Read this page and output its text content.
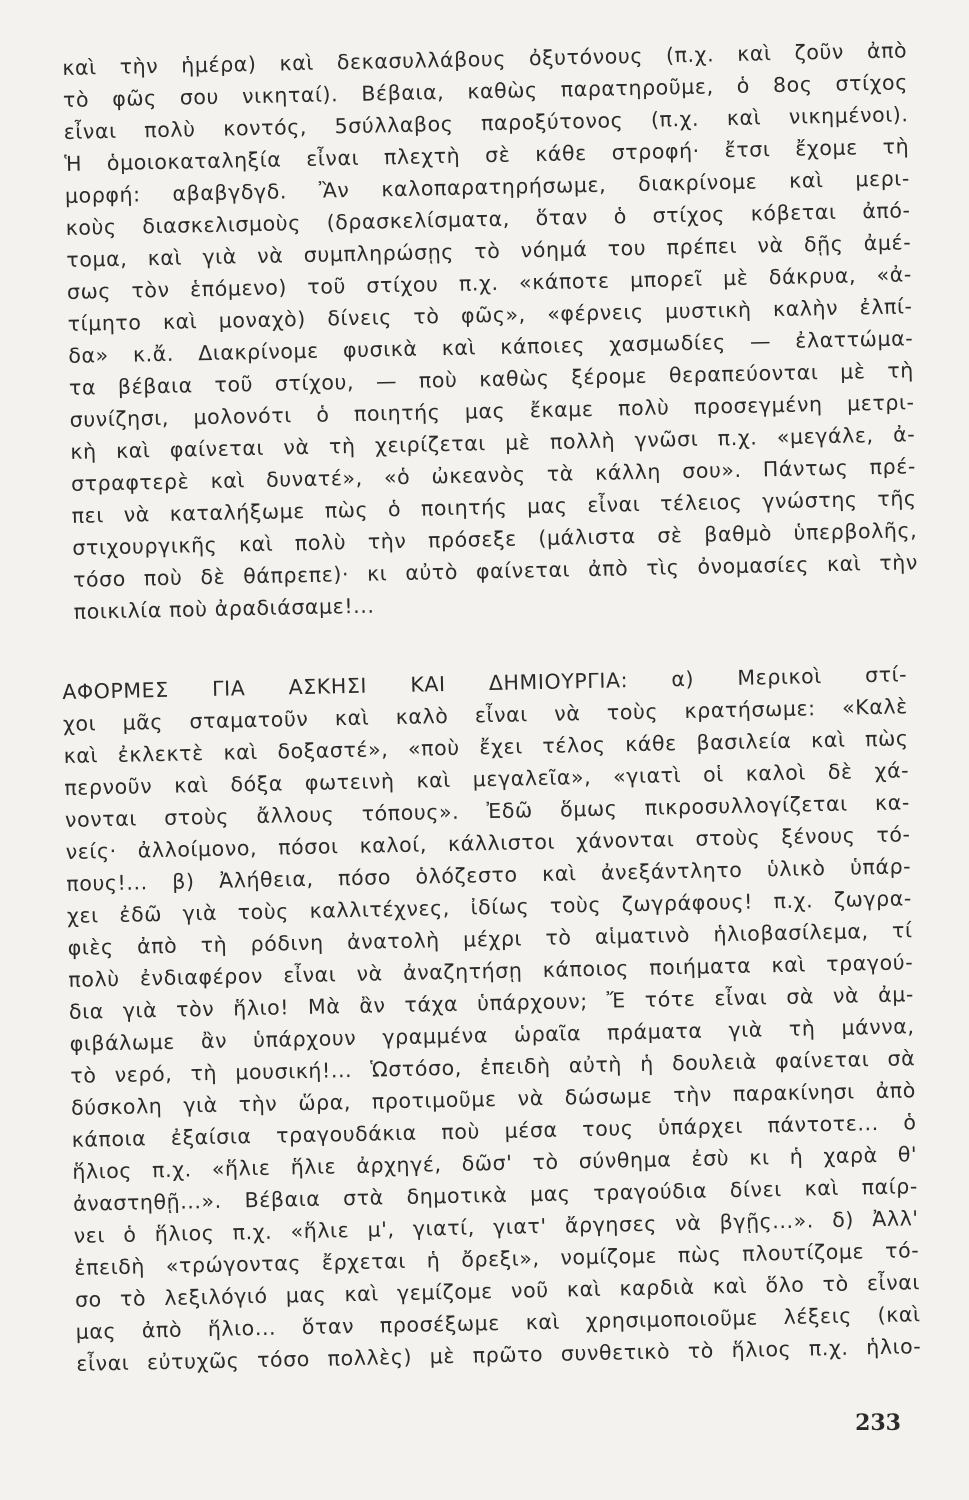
καὶ τὴν ἡμέρα) καὶ δεκασυλλάβους ὀξυτόνους (π.χ. καὶ ζοῦν ἀπὸ
τὸ φῶς σου νικηταί). Βέβαια, καθὼς παρατηροῦμε, ὁ 8ος στίχος
εἶναι πολὺ κοντός, 5σύλλαβος παροξύτονος (π.χ. καὶ νικημένοι).
Ἡ ὁμοιοκαταληξία εἶναι πλεχτὴ σὲ κάθε στροφή· ἔτσι ἔχομε τὴ
μορφή: αβαβγδγδ. Ἂν καλοπαρατηρήσωμε, διακρίνομε καὶ μερι-
κοὺς διασκελισμοὺς (δρασκελίσματα, ὅταν ὁ στίχος κόβεται ἀπό-
τομα, καὶ γιὰ νὰ συμπληρώσῃς τὸ νόημά του πρέπει νὰ δῇς ἀμέ-
σως τὸν ἑπόμενο) τοῦ στίχου π.χ. «κάποτε μπορεῖ μὲ δάκρυα, «ἀ-
τίμητο καὶ μοναχὸ) δίνεις τὸ φῶς», «φέρνεις μυστικὴ καλὴν ἐλπί-
δα» κ.ἄ. Διακρίνομε φυσικὰ καὶ κάποιες χασμωδίες — ἐλαττώμα-
τα βέβαια τοῦ στίχου, — ποὺ καθὼς ξέρομε θεραπεύονται μὲ τὴ
συνίζησι, μολονότι ὁ ποιητής μας ἔκαμε πολὺ προσεγμένη μετρι-
κὴ καὶ φαίνεται νὰ τὴ χειρίζεται μὲ πολλὴ γνῶσι π.χ. «μεγάλε, ἀ-
στραφτερὲ καὶ δυνατέ», «ὁ ὠκεανὸς τὰ κάλλη σου». Πάντως πρέ-
πει νὰ καταλήξωμε πὼς ὁ ποιητής μας εἶναι τέλειος γνώστης τῆς
στιχουργικῆς καὶ πολὺ τὴν πρόσεξε (μάλιστα σὲ βαθμὸ ὑπερβολῆς,
τόσο ποὺ δὲ θάπρεπε)· κι αὐτὸ φαίνεται ἀπὸ τὶς ὀνομασίες καὶ τὴν
ποικιλία ποὺ ἀραδιάσαμε!...
ΑΦΟΡΜΕΣ ΓΙΑ ΑΣΚΗΣΙ ΚΑΙ ΔΗΜΙΟΥΡΓΙΑ: α) Μερικοὶ στί-
χοι μᾶς σταματοῦν καὶ καλὸ εἶναι νὰ τοὺς κρατήσωμε: «Καλὲ
καὶ ἐκλεκτὲ καὶ δοξαστέ», «ποὺ ἔχει τέλος κάθε βασιλεία καὶ πὼς
περνοῦν καὶ δόξα φωτεινὴ καὶ μεγαλεῖα», «γιατὶ οἱ καλοὶ δὲ χά-
νονται στοὺς ἄλλους τόπους». Ἐδῶ ὅμως πικροσυλλογίζεται κα-
νείς· ἀλλοίμονο, πόσοι καλοί, κάλλιστοι χάνονται στοὺς ξένους τό-
πους!... β) Ἀλήθεια, πόσο ὁλόζεστο καὶ ἀνεξάντλητο ὑλικὸ ὑπάρ-
χει ἐδῶ γιὰ τοὺς καλλιτέχνες, ἰδίως τοὺς ζωγράφους! π.χ. ζωγρα-
φιὲς ἀπὸ τὴ ρόδινη ἀνατολὴ μέχρι τὸ αἱματινὸ ἡλιοβασίλεμα, τί
πολὺ ἐνδιαφέρον εἶναι νὰ ἀναζητήσῃ κάποιος ποιήματα καὶ τραγού-
δια γιὰ τὸν ἥλιο! Μὰ ἂν τάχα ὑπάρχουν; Ἔ τότε εἶναι σὰ νὰ ἀμ-
φιβάλωμε ἂν ὑπάρχουν γραμμένα ὡραῖα πράματα γιὰ τὴ μάννα,
τὸ νερό, τὴ μουσική!... Ὡστόσο, ἐπειδὴ αὐτὴ ἡ δουλειὰ φαίνεται σὰ
δύσκολη γιὰ τὴν ὥρα, προτιμοῦμε νὰ δώσωμε τὴν παρακίνησι ἀπὸ
κάποια ἐξαίσια τραγουδάκια ποὺ μέσα τους ὑπάρχει πάντοτε... ὁ
ἥλιος π.χ. «ἥλιε ἥλιε ἀρχηγέ, δῶσ' τὸ σύνθημα ἐσὺ κι ἡ χαρὰ θ'
ἀναστηθῇ...». Βέβαια στὰ δημοτικὰ μας τραγούδια δίνει καὶ παίρ-
νει ὁ ἥλιος π.χ. «ἥλιε μ', γιατί, γιατ' ἄργησες νὰ βγῇς...». δ) Ἀλλ'
ἐπειδὴ «τρώγοντας ἔρχεται ἡ ὄρεξι», νομίζομε πὼς πλουτίζομε τό-
σο τὸ λεξιλόγιό μας καὶ γεμίζομε νοῦ καὶ καρδιὰ καὶ ὅλο τὸ εἶναι
μας ἀπὸ ἥλιο... ὅταν προσέξωμε καὶ χρησιμοποιοῦμε λέξεις (καὶ
εἶναι εὐτυχῶς τόσο πολλὲς) μὲ πρῶτο συνθετικὸ τὸ ἥλιος π.χ. ἡλιο-
233
